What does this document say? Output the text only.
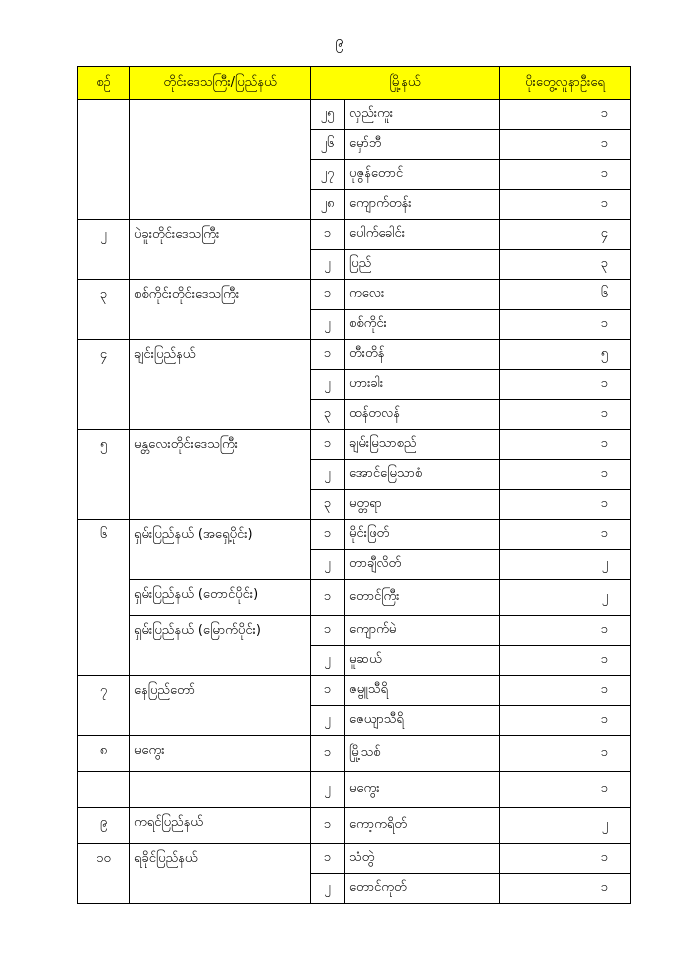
၉
စဉ်	တိုင်းဒေသကြီး/ပြည်နယ်	မြို့နယ်		ပိုးတွေ့လူနာဦးရေ
		၂၅	လှည်းကူး	၁
		၂၆	မှော်ဘီ	၁
		၂၇	ပုဇွန်တောင်	၁
		၂၈	ကျောက်တန်း	၁
၂	ပဲခူးတိုင်းဒေသကြီး	၁	ပေါက်ခေါင်း	၄
		၂	ပြည်	၃
၃	စစ်ကိုင်းတိုင်းဒေသကြီး	၁	ကလေး	၆
		၂	စစ်ကိုင်း	၁
၄	ချင်းပြည်နယ်	၁	တီးတိန်	၅
		၂	ဟားခါး	၁
		၃	ထန်တလန်	၁
၅	မန္တလေးတိုင်းဒေသကြီး	၁	ချမ်းမြသာစည်	၁
		၂	အောင်မြေသာစံ	၁
		၃	မတ္တရာ	၁
၆	ရှမ်းပြည်နယ် (အရှေ့ပိုင်း)	၁	မိုင်းဖြတ်	၁
		၂	တာချီလိတ်	၂
	ရှမ်းပြည်နယ် (တောင်ပိုင်း)	၁	တောင်ကြီး	၂
	ရှမ်းပြည်နယ် (မြောက်ပိုင်း)	၁	ကျောက်မဲ	၁
		၂	မူဆယ်	၁
၇	နေပြည်တော်	၁	ဇမ္ဗူသီရိ	၁
		၂	ဇေယျာသီရိ	၁
၈	မကွေး	၁	မြို့သစ်	၁
		၂	မကွေး	၁
၉	ကရင်ပြည်နယ်	၁	ကော့ကရိတ်	၂
၁၀	ရခိုင်ပြည်နယ်	၁	သံတွဲ	၁
		၂	တောင်ကုတ်	၁
